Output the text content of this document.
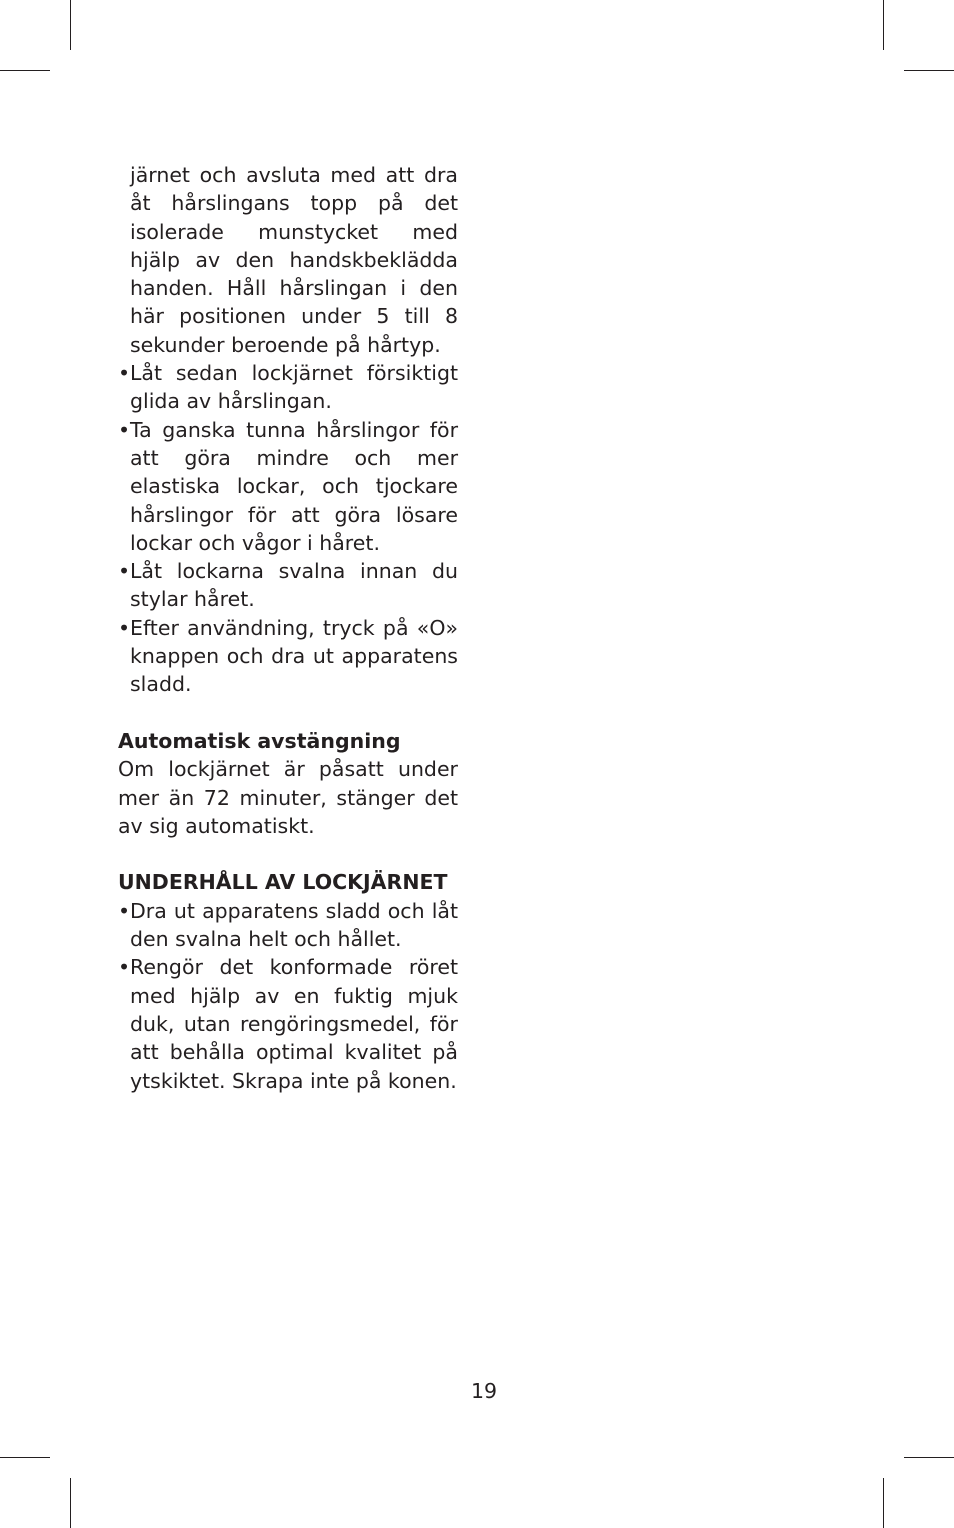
järnet och avsluta med att dra åt hårslingans topp på det isolerade munstycket med hjälp av den handskbeklädda handen. Håll hårslingan i den här positionen under 5 till 8 sekunder beroende på hårtyp.
• Låt sedan lockjärnet försiktigt glida av hårslingan.
• Ta ganska tunna hårslingor för att göra mindre och mer elastiska lockar, och tjockare hårslingor för att göra lösare lockar och vågor i håret.
• Låt lockarna svalna innan du stylar håret.
• Efter användning, tryck på «O» knappen och dra ut apparatens sladd.
Automatisk avstängning
Om lockjärnet är påsatt under mer än 72 minuter, stänger det av sig automatiskt.
UNDERHÅLL AV LOCKJÄRNET
• Dra ut apparatens sladd och låt den svalna helt och hållet.
• Rengör det konformade röret med hjälp av en fuktig mjuk duk, utan rengöringsmedel, för att behålla optimal kvalitet på ytskiktet. Skrapa inte på konen.
19
